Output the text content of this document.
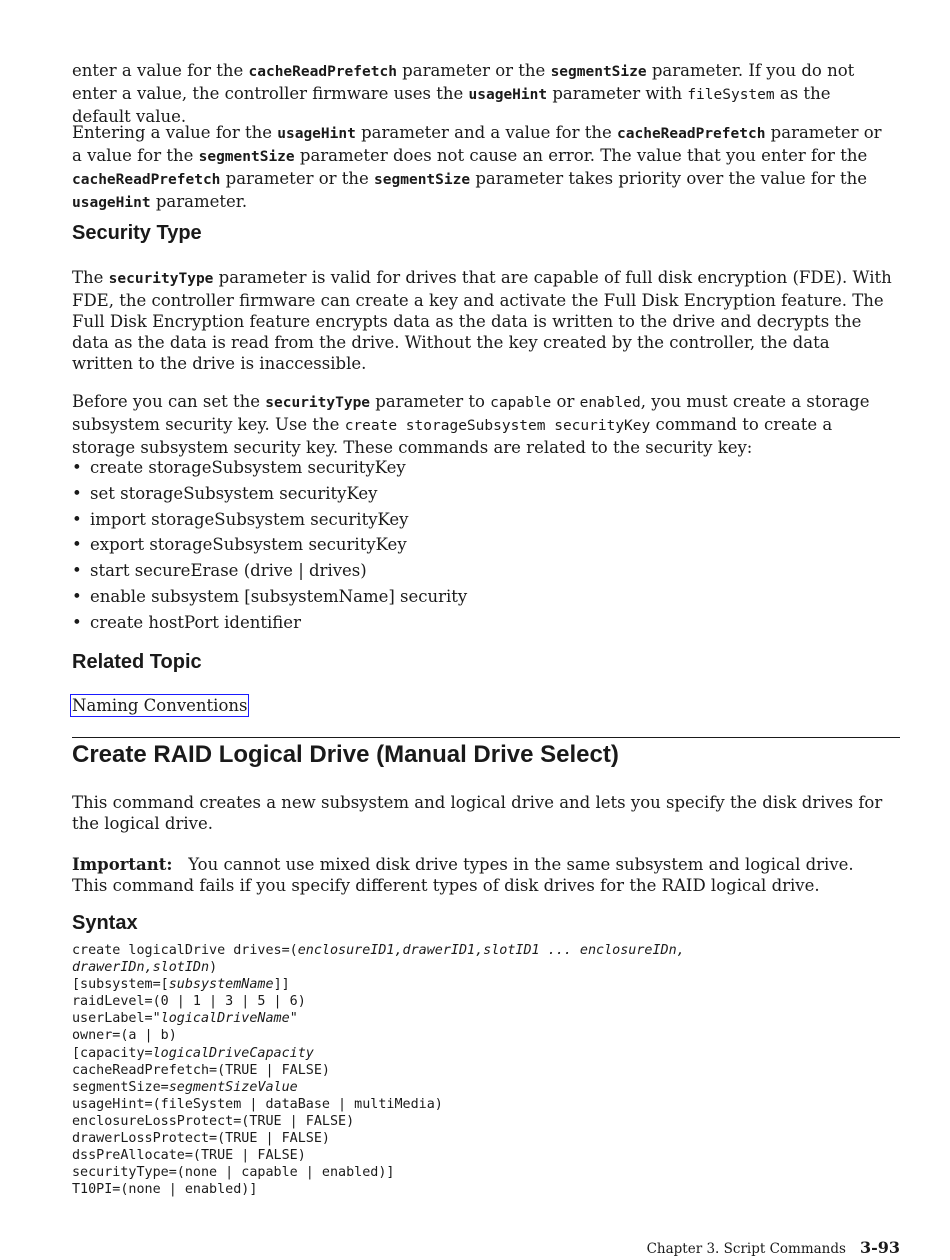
enter a value for the cacheReadPrefetch parameter or the segmentSize parameter. If you do not enter a value, the controller firmware uses the usageHint parameter with fileSystem as the default value.

Entering a value for the usageHint parameter and a value for the cacheReadPrefetch parameter or a value for the segmentSize parameter does not cause an error. The value that you enter for the cacheReadPrefetch parameter or the segmentSize parameter takes priority over the value for the usageHint parameter.

Security Type

The securityType parameter is valid for drives that are capable of full disk encryption (FDE). With FDE, the controller firmware can create a key and activate the Full Disk Encryption feature. The Full Disk Encryption feature encrypts data as the data is written to the drive and decrypts the data as the data is read from the drive. Without the key created by the controller, the data written to the drive is inaccessible.

Before you can set the securityType parameter to capable or enabled, you must create a storage subsystem security key. Use the create storageSubsystem securityKey command to create a storage subsystem security key. These commands are related to the security key:

• create storageSubsystem securityKey
• set storageSubsystem securityKey
• import storageSubsystem securityKey
• export storageSubsystem securityKey
• start secureErase (drive | drives)
• enable subsystem [subsystemName] security
• create hostPort identifier
Related Topic
Naming Conventions
Create RAID Logical Drive (Manual Drive Select)

This command creates a new subsystem and logical drive and lets you specify the disk drives for the logical drive.

Important: You cannot use mixed disk drive types in the same subsystem and logical drive. This command fails if you specify different types of disk drives for the RAID logical drive.

Syntax
create logicalDrive drives=(enclosureID1,drawerID1,slotID1 ... enclosureIDn,
drawerIDn,slotIDn)
[subsystem=[subsystemName]]
raidLevel=(0 | 1 | 3 | 5 | 6)
userLabel="logicalDriveName"
owner=(a | b)
[capacity=logicalDriveCapacity
cacheReadPrefetch=(TRUE | FALSE)
segmentSize=segmentSizeValue
usageHint=(fileSystem | dataBase | multiMedia)
enclosureLossProtect=(TRUE | FALSE)
drawerLossProtect=(TRUE | FALSE)
dssPreAllocate=(TRUE | FALSE)
securityType=(none | capable | enabled)]
T10PI=(none | enabled)]
Chapter 3. Script Commands 3-93
